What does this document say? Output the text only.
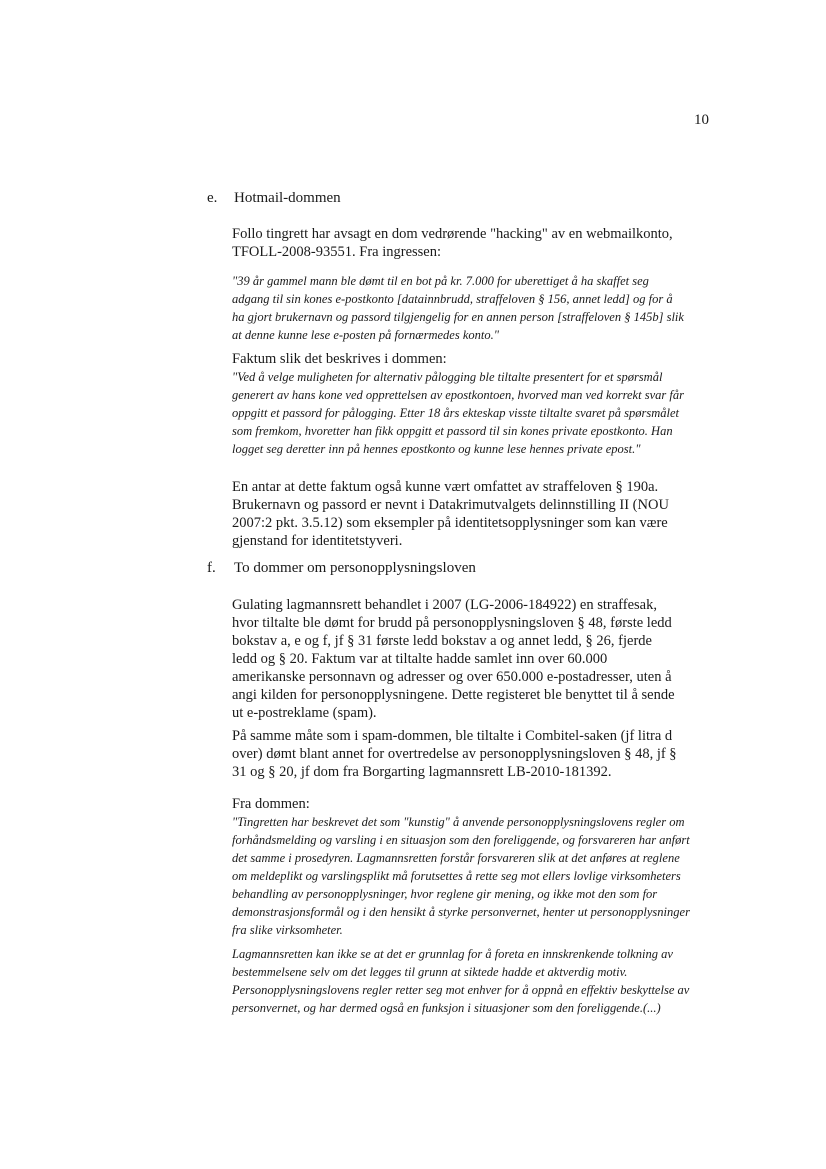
10
e. Hotmail-dommen
Follo tingrett har avsagt en dom vedrørende "hacking" av en webmailkonto,
TFOLL-2008-93551. Fra ingressen:
"39 år gammel mann ble dømt til en bot på kr. 7.000 for uberettiget å ha skaffet seg
adgang til sin kones e-postkonto [datainnbrudd, straffeloven § 156, annet ledd] og for å
ha gjort brukernavn og passord tilgjengelig for en annen person [straffeloven § 145b] slik
at denne kunne lese e-posten på fornærmedes konto."
Faktum slik det beskrives i dommen:
"Ved å velge muligheten for alternativ pålogging ble tiltalte presentert for et spørsmål
generert av hans kone ved opprettelsen av epostkontoen, hvorved man ved korrekt svar får
oppgitt et passord for pålogging. Etter 18 års ekteskap visste tiltalte svaret på spørsmålet
som fremkom, hvoretter han fikk oppgitt et passord til sin kones private epostkonto. Han
logget seg deretter inn på hennes epostkonto og kunne lese hennes private epost."
En antar at dette faktum også kunne vært omfattet av straffeloven § 190a.
Brukernavn og passord er nevnt i Datakrimutvalgets delinnstilling II (NOU
2007:2 pkt. 3.5.12) som eksempler på identitetsopplysninger som kan være
gjenstand for identitetstyveri.
f. To dommer om personopplysningsloven
Gulating lagmannsrett behandlet i 2007 (LG-2006-184922) en straffesak,
hvor tiltalte ble dømt for brudd på personopplysningsloven § 48, første ledd
bokstav a, e og f, jf § 31 første ledd bokstav a og annet ledd, § 26, fjerde
ledd og § 20. Faktum var at tiltalte hadde samlet inn over 60.000
amerikanske personnavn og adresser og over 650.000 e-postadresser, uten å
angi kilden for personopplysningene. Dette registeret ble benyttet til å sende
ut e-postreklame (spam).
På samme måte som i spam-dommen, ble tiltalte i Combitel-saken (jf litra d
over) dømt blant annet for overtredelse av personopplysningsloven § 48, jf §
31 og § 20, jf dom fra Borgarting lagmannsrett LB-2010-181392.
Fra dommen:
"Tingretten har beskrevet det som "kunstig" å anvende personopplysningslovens regler om
forhåndsmelding og varsling i en situasjon som den foreliggende, og forsvareren har anført
det samme i prosedyren. Lagmannsretten forstår forsvareren slik at det anføres at reglene
om meldeplikt og varslingsplikt må forutsettes å rette seg mot ellers lovlige virksomheters
behandling av personopplysninger, hvor reglene gir mening, og ikke mot den som for
demonstrasjonsformål og i den hensikt å styrke personvernet, henter ut personopplysninger
fra slike virksomheter.
Lagmannsretten kan ikke se at det er grunnlag for å foreta en innskrenkende tolkning av
bestemmelsene selv om det legges til grunn at siktede hadde et aktverdig motiv.
Personopplysningslovens regler retter seg mot enhver for å oppnå en effektiv beskyttelse av
personvernet, og har dermed også en funksjon i situasjoner som den foreliggende.(...)
